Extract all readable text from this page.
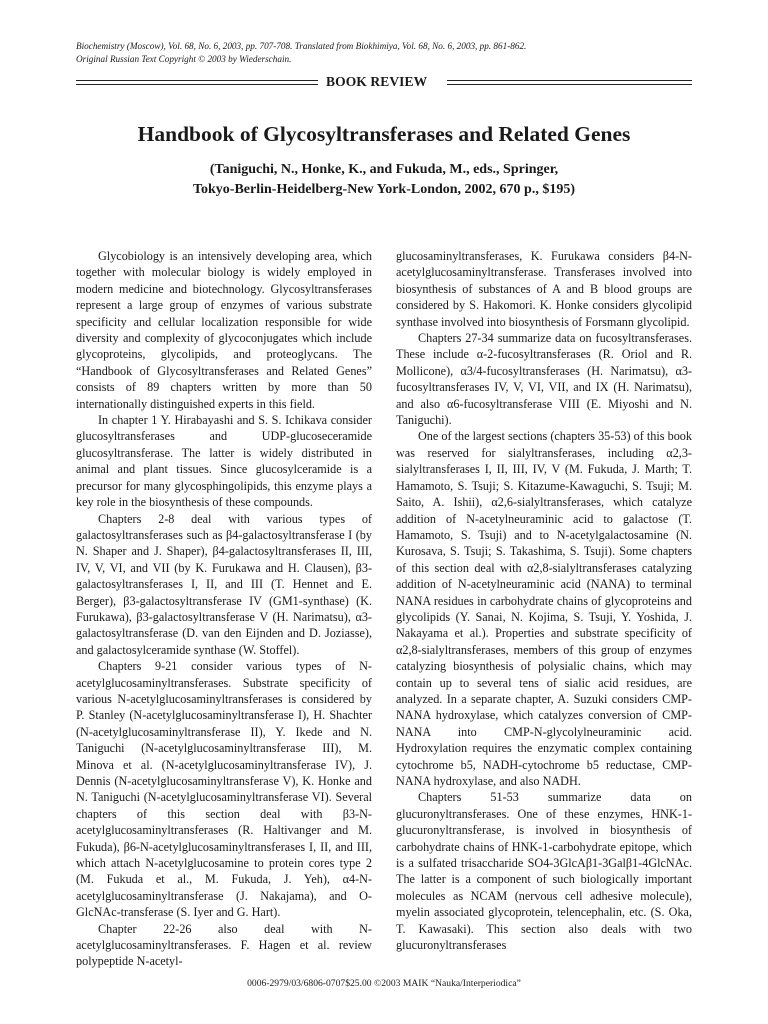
Biochemistry (Moscow), Vol. 68, No. 6, 2003, pp. 707-708. Translated from Biokhimiya, Vol. 68, No. 6, 2003, pp. 861-862.
Original Russian Text Copyright © 2003 by Wiederschain.
BOOK REVIEW
Handbook of Glycosyltransferases and Related Genes
(Taniguchi, N., Honke, K., and Fukuda, M., eds., Springer,
Tokyo-Berlin-Heidelberg-New York-London, 2002, 670 p., $195)

Glycobiology is an intensively developing area, which together with molecular biology is widely employed in modern medicine and biotechnology. Glycosyltransferases represent a large group of enzymes of various substrate specificity and cellular localization responsible for wide diversity and complexity of glycoconjugates which include glycoproteins, glycolipids, and proteoglycans. The “Handbook of Glycosyltransferases and Related Genes” consists of 89 chapters written by more than 50 internationally distinguished experts in this field.

In chapter 1 Y. Hirabayashi and S. S. Ichikava consider glucosyltransferases and UDP-glucoseceramide glucosyltransferase. The latter is widely distributed in animal and plant tissues. Since glucosylceramide is a precursor for many glycosphingolipids, this enzyme plays a key role in the biosynthesis of these compounds.

Chapters 2-8 deal with various types of galactosyltransferases such as β4-galactosyltransferase I (by N. Shaper and J. Shaper), β4-galactosyltransferases II, III, IV, V, VI, and VII (by K. Furukawa and H. Clausen), β3-galactosyltransferases I, II, and III (T. Hennet and E. Berger), β3-galactosyltransferase IV (GM1-synthase) (K. Furukawa), β3-galactosyltransferase V (H. Narimatsu), α3-galactosyltransferase (D. van den Eijnden and D. Joziasse), and galactosylceramide synthase (W. Stoffel).

Chapters 9-21 consider various types of N-acetylglucosaminyltransferases. Substrate specificity of various N-acetylglucosaminyltransferases is considered by P. Stanley (N-acetylglucosaminyltransferase I), H. Shachter (N-acetylglucosaminyltransferase II), Y. Ikede and N. Taniguchi (N-acetylglucosaminyltransferase III), M. Minova et al. (N-acetylglucosaminyltransferase IV), J. Dennis (N-acetylglucosaminyltransferase V), K. Honke and N. Taniguchi (N-acetylglucosaminyltransferase VI). Several chapters of this section deal with β3-N-acetylglucosaminyltransferases (R. Haltivanger and M. Fukuda), β6-N-acetylglucosaminyltransferases I, II, and III, which attach N-acetylglucosamine to protein cores type 2 (M. Fukuda et al., M. Fukuda, J. Yeh), α4-N-acetylglucosaminyltransferase (J. Nakajama), and O-GlcNAc-transferase (S. Iyer and G. Hart).

Chapter 22-26 also deal with N-acetylglucosaminyltransferases. F. Hagen et al. review polypeptide N-acetyl-

glucosaminyltransferases, K. Furukawa considers β4-N-acetylglucosaminyltransferase. Transferases involved into biosynthesis of substances of A and B blood groups are considered by S. Hakomori. K. Honke considers glycolipid synthase involved into biosynthesis of Forsmann glycolipid.

Chapters 27-34 summarize data on fucosyltransferases. These include α-2-fucosyltransferases (R. Oriol and R. Mollicone), α3/4-fucosyltransferases (H. Narimatsu), α3-fucosyltransferases IV, V, VI, VII, and IX (H. Narimatsu), and also α6-fucosyltransferase VIII (E. Miyoshi and N. Taniguchi).

One of the largest sections (chapters 35-53) of this book was reserved for sialyltransferases, including α2,3-sialyltransferases I, II, III, IV, V (M. Fukuda, J. Marth; T. Hamamoto, S. Tsuji; S. Kitazume-Kawaguchi, S. Tsuji; M. Saito, A. Ishii), α2,6-sialyltransferases, which catalyze addition of N-acetylneuraminic acid to galactose (T. Hamamoto, S. Tsuji) and to N-acetylgalactosamine (N. Kurosava, S. Tsuji; S. Takashima, S. Tsuji). Some chapters of this section deal with α2,8-sialyltransferases catalyzing addition of N-acetylneuraminic acid (NANA) to terminal NANA residues in carbohydrate chains of glycoproteins and glycolipids (Y. Sanai, N. Kojima, S. Tsuji, Y. Yoshida, J. Nakayama et al.). Properties and substrate specificity of α2,8-sialyltransferases, members of this group of enzymes catalyzing biosynthesis of polysialic chains, which may contain up to several tens of sialic acid residues, are analyzed. In a separate chapter, A. Suzuki considers CMP-NANA hydroxylase, which catalyzes conversion of CMP-NANA into CMP-N-glycolylneuraminic acid. Hydroxylation requires the enzymatic complex containing cytochrome b5, NADH-cytochrome b5 reductase, CMP-NANA hydroxylase, and also NADH.

Chapters 51-53 summarize data on glucuronyltransferases. One of these enzymes, HNK-1-glucuronyltransferase, is involved in biosynthesis of carbohydrate chains of HNK-1-carbohydrate epitope, which is a sulfated trisaccharide SO4-3GlcAβ1-3Galβ1-4GlcNAc. The latter is a component of such biologically important molecules as NCAM (nervous cell adhesive molecule), myelin associated glycoprotein, telencephalin, etc. (S. Oka, T. Kawasaki). This section also deals with two glucuronyltransferases

0006-2979/03/6806-0707$25.00 ©2003 MAIK “Nauka/Interperiodica”
